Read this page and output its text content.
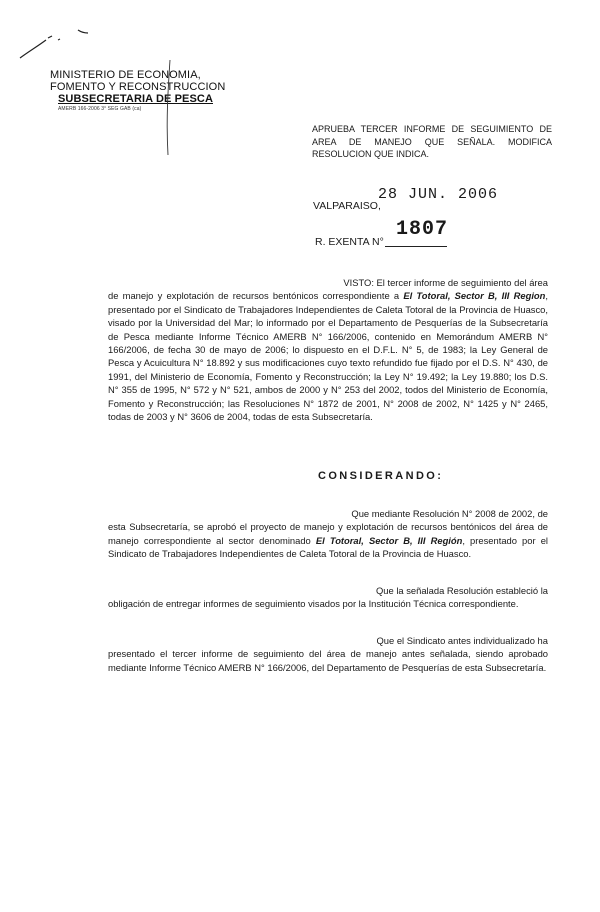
MINISTERIO DE ECONOMIA,
FOMENTO Y RECONSTRUCCION
SUBSECRETARIA DE PESCA
AMERB 166-2006 3° SEG GAB (ca)
APRUEBA TERCER INFORME DE SEGUIMIENTO DE AREA DE MANEJO QUE SEÑALA. MODIFICA RESOLUCION QUE INDICA.
VALPARAISO,
28 JUN. 2006
R. EXENTA N°
1807
VISTO: El tercer informe de seguimiento del área
de manejo y explotación de recursos bentónicos correspondiente a El Totoral, Sector B, III Region, presentado por el Sindicato de Trabajadores Independientes de Caleta Totoral de la Provincia de Huasco, visado por la Universidad del Mar; lo informado por el Departamento de Pesquerías de la Subsecretaría de Pesca mediante Informe Técnico AMERB N° 166/2006, contenido en Memorándum AMERB N° 166/2006, de fecha 30 de mayo de 2006; lo dispuesto en el D.F.L. N° 5, de 1983; la Ley General de Pesca y Acuicultura N° 18.892 y sus modificaciones cuyo texto refundido fue fijado por el D.S. N° 430, de 1991, del Ministerio de Economía, Fomento y Reconstrucción; la Ley N° 19.492; la Ley 19.880; los D.S. N° 355 de 1995, N° 572 y N° 521, ambos de 2000 y N° 253 del 2002, todos del Ministerio de Economía, Fomento y Reconstrucción; las Resoluciones N° 1872 de 2001, N° 2008 de 2002, N° 1425 y N° 2465, todas de 2003 y N° 3606 de 2004, todas de esta Subsecretaría.
CONSIDERANDO:
Que mediante Resolución N° 2008 de 2002, de
esta Subsecretaría, se aprobó el proyecto de manejo y explotación de recursos bentónicos del área de manejo correspondiente al sector denominado El Totoral, Sector B, III Región, presentado por el Sindicato de Trabajadores Independientes de Caleta Totoral de la Provincia de Huasco.
Que la señalada Resolución estableció la
obligación de entregar informes de seguimiento visados por la Institución Técnica correspondiente.
Que el Sindicato antes individualizado ha
presentado el tercer informe de seguimiento del área de manejo antes señalada, siendo aprobado mediante Informe Técnico AMERB N° 166/2006, del Departamento de Pesquerías de esta Subsecretaría.
